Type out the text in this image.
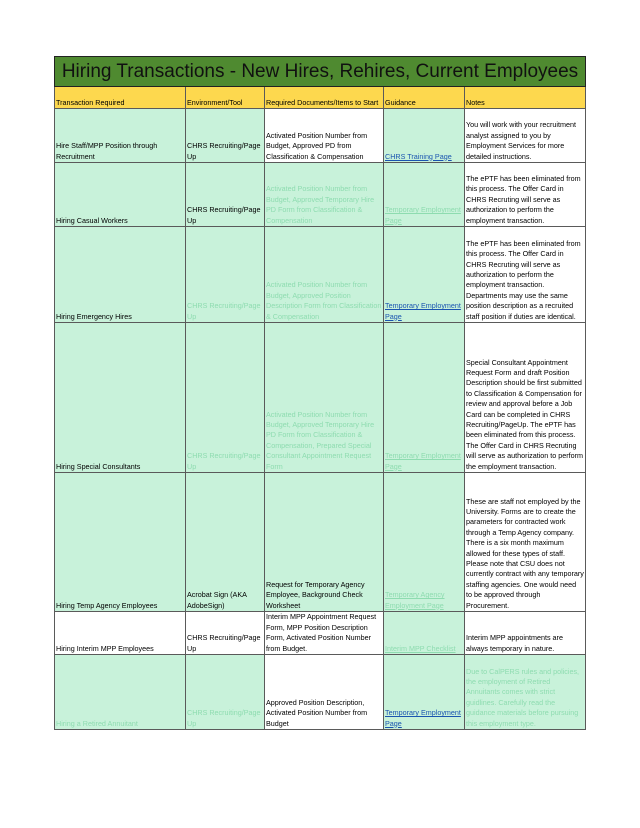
Hiring Transactions - New Hires, Rehires, Current Employees				
Transaction Required	Environment/Tool	Required Documents/Items to Start	Guidance	Notes
Hire Staff/MPP Position through Recruitment	CHRS Recruiting/Page Up	Activated Position Number from Budget, Approved PD from Classification & Compensation	CHRS Training Page	You will work with your recruitment analyst assigned to you by Employment Services for more detailed instructions.
Hiring Casual Workers	CHRS Recruiting/Page Up	Activated Position Number from Budget, Approved Temporary Hire PD Form from Classification & Compensation	Temporary Employment Page	The ePTF has been eliminated from this process. The Offer Card in CHRS Recruting will serve as authorization to perform the employment transaction.
Hiring Emergency Hires	CHRS Recruiting/Page Up	Activated Position Number from Budget, Approved Position Description Form from Classification & Compensation	Temporary Employment Page	The ePTF has been eliminated from this process. The Offer Card in CHRS Recruting will serve as authorization to perform the employment transaction. Departments may use the same position description as a recruited staff position if duties are identical.
Hiring Special Consultants	CHRS Recruiting/Page Up	Activated Position Number from Budget, Approved Temporary Hire PD Form from Classification & Compensation, Prepared Special Consultant Appointment Request Form	Temporary Employment Page	Special Consultant Appointment Request Form and draft Position Description should be first submitted to Classification & Compensation for review and approval before a Job Card can be completed in CHRS Recruiting/PageUp. The ePTF has been eliminated from this process. The Offer Card in CHRS Recruting will serve as authorization to perform the employment transaction.
Hiring Temp Agency Employees	Acrobat Sign (AKA AdobeSign)	Request for Temporary Agency Employee, Background Check Worksheet	Temporary Agency Employment Page	These are staff not employed by the University. Forms are to create the parameters for contracted work through a Temp Agency company. There is a six month maximum allowed for these types of staff. Please note that CSU does not currently contract with any temporary staffing agencies. One would need to be approved through Procurement.
Hiring Interim MPP Employees	CHRS Recruiting/Page Up	Interim MPP Appointment Request Form, MPP Position Description Form, Activated Position Number from Budget.	Interim MPP Checklist	Interim MPP appointments are always temporary in nature.
Hiring a Retired Annuitant	CHRS Recruiting/Page Up	Approved Position Description, Activated Position Number from Budget	Temporary Employment Page	Due to CalPERS rules and policies, the employment of Retired Annuitants comes with strict guidlines. Carefully read the guidance materials before pursuing this employment type.
